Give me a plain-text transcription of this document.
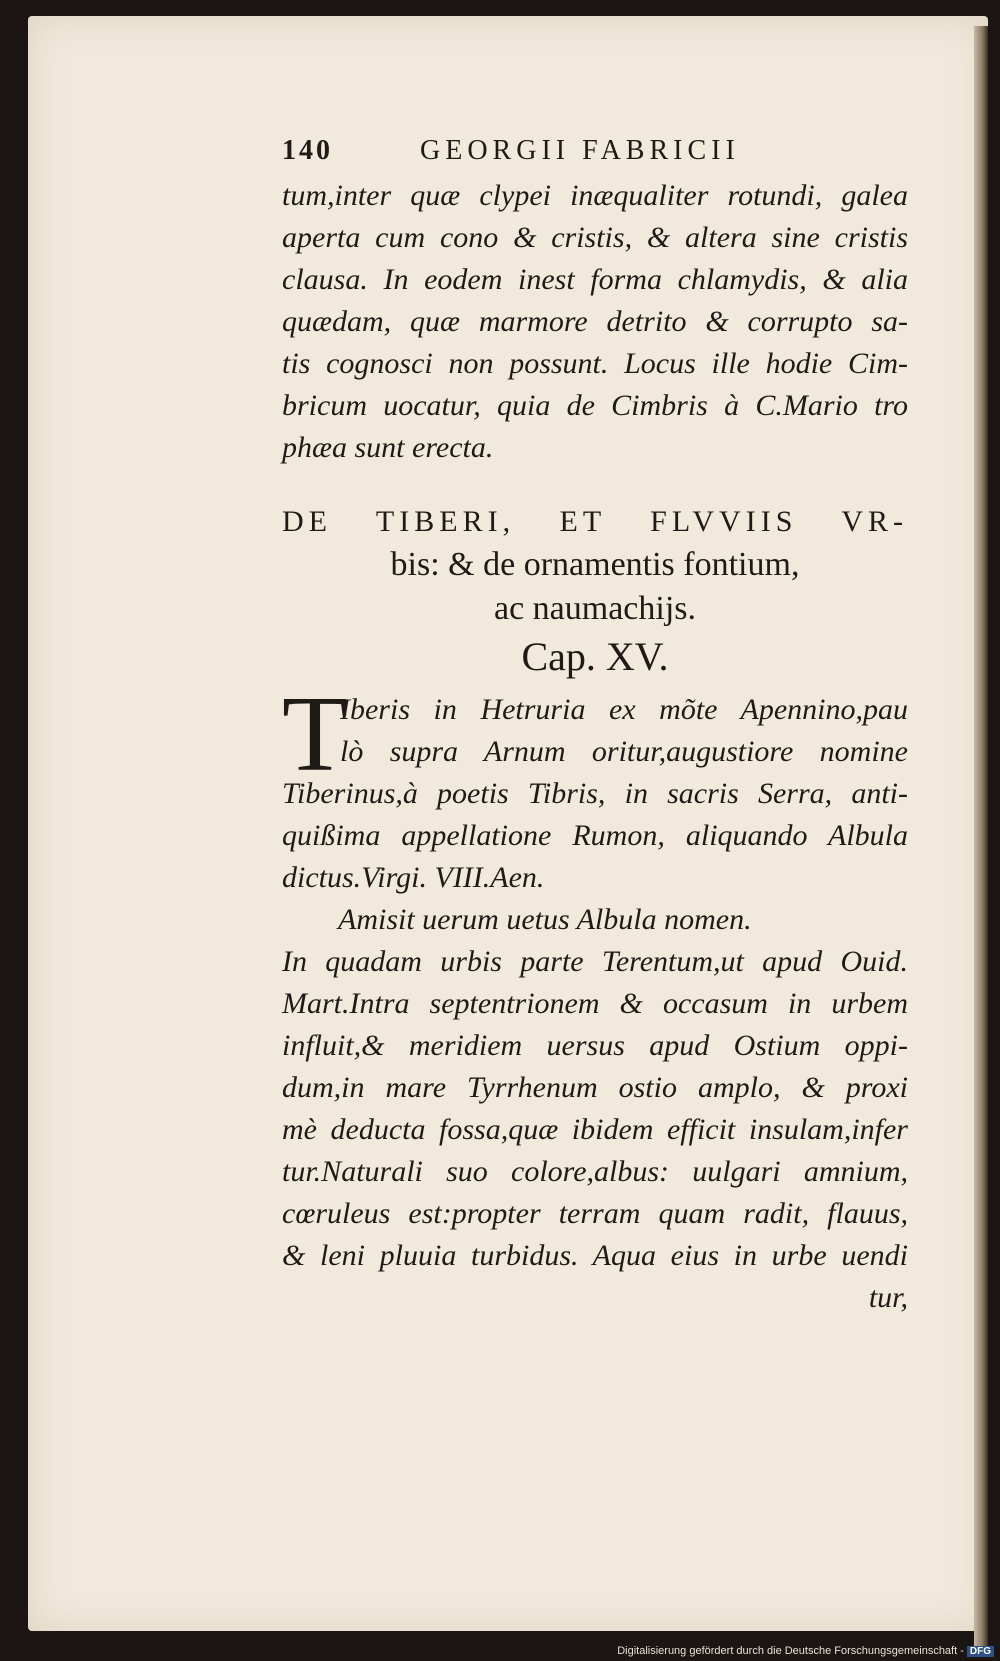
140	GEORGII FABRICII
tum,inter quæ clypei inæqualiter rotundi, galea
aperta cum cono & cristis, & altera sine cristis
clausa. In eodem inest forma chlamydis, & alia
quædam, quæ marmore detrito & corrupto sa-
tis cognosci non possunt. Locus ille hodie Cim-
bricum uocatur, quia de Cimbris à C.Mario tro
phæa sunt erecta.
DE TIBERI, ET FLVVIIS VR-
bis: & de ornamentis fontium,
ac naumachijs.
Cap. XV.
T
Iberis in Hetruria ex mõte Apennino,pau
lò supra Arnum oritur,augustiore nomine
Tiberinus,à poetis Tibris, in sacris Serra, anti-
quißima appellatione Rumon, aliquando Albula
dictus.Virgi. VIII.Aen.
Amisit uerum uetus Albula nomen.
In quadam urbis parte Terentum,ut apud Ouid.
Mart.Intra septentrionem & occasum in urbem
influit,& meridiem uersus apud Ostium oppi-
dum,in mare Tyrrhenum ostio amplo, & proxi
mè deducta fossa,quæ ibidem efficit insulam,infer
tur.Naturali suo colore,albus: uulgari amnium,
cœruleus est:propter terram quam radit, flauus,
& leni pluuia turbidus. Aqua eius in urbe uendi
tur,
Digitalisierung gefördert durch die Deutsche Forschungsgemeinschaft - DFG
